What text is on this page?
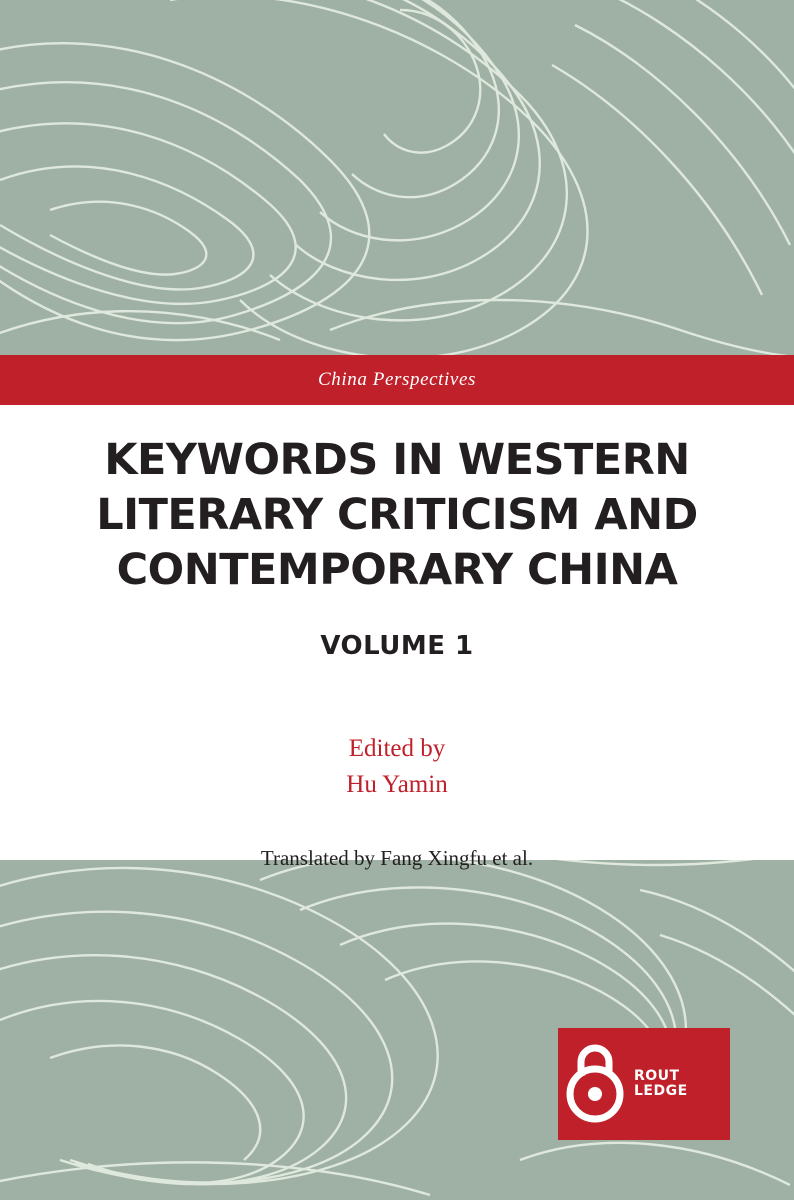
China Perspectives
KEYWORDS IN WESTERN
LITERARY CRITICISM AND
CONTEMPORARY CHINA
VOLUME 1
Edited by
Hu Yamin
Translated by Fang Xingfu et al.
ROUT
LEDGE
